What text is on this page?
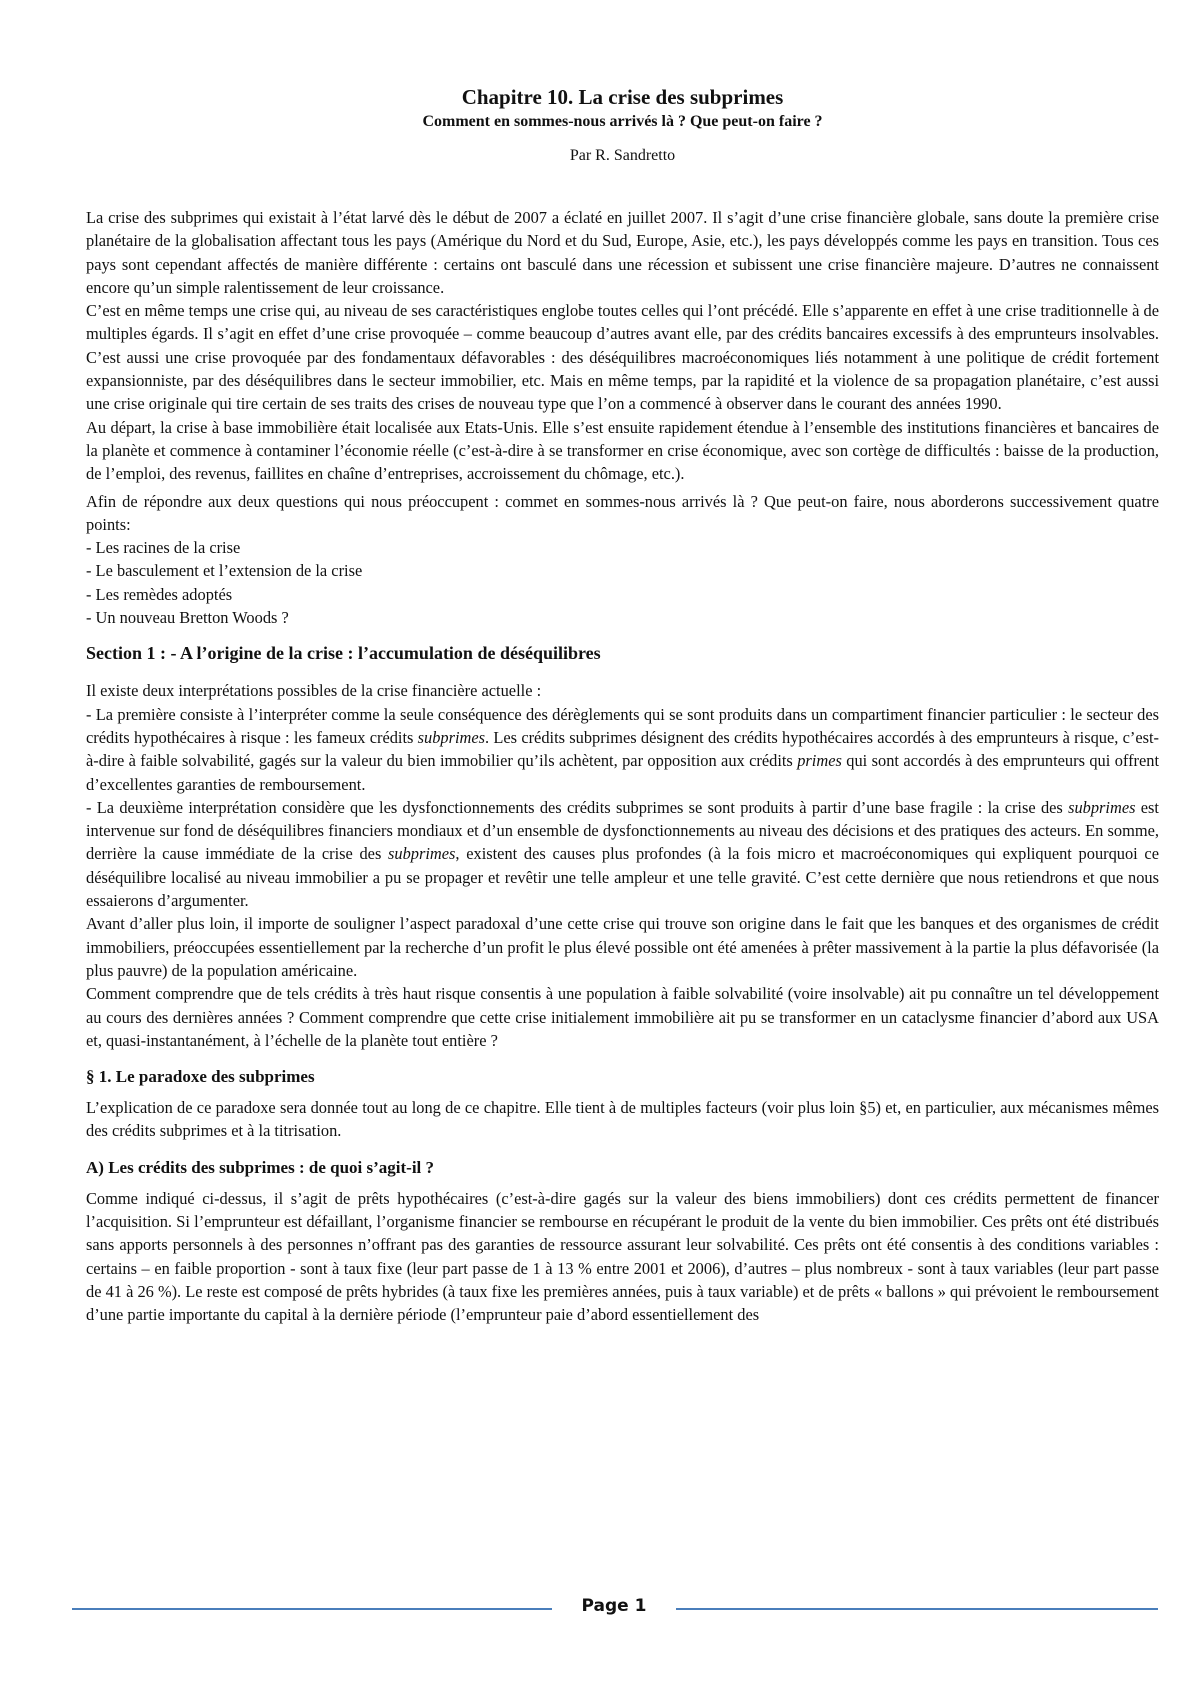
Chapitre 10. La crise des subprimes

Comment en sommes-nous arrivés là ? Que peut-on faire ?

Par R. Sandretto

La crise des subprimes qui existait à l’état larvé dès le début de 2007 a éclaté en juillet 2007. Il s’agit d’une crise financière globale, sans doute la première crise planétaire de la globalisation affectant tous les pays (Amérique du Nord et du Sud, Europe, Asie, etc.), les pays développés comme les pays en transition. Tous ces pays sont cependant affectés de manière différente : certains ont basculé dans une récession et subissent une crise financière majeure. D’autres ne connaissent encore qu’un simple ralentissement de leur croissance.

C’est en même temps une crise qui, au niveau de ses caractéristiques englobe toutes celles qui l’ont précédé. Elle s’apparente en effet à une crise traditionnelle à de multiples égards. Il s’agit en effet d’une crise provoquée – comme beaucoup d’autres avant elle, par des crédits bancaires excessifs à des emprunteurs insolvables. C’est aussi une crise provoquée par des fondamentaux défavorables : des déséquilibres macroéconomiques liés notamment à une politique de crédit fortement expansionniste, par des déséquilibres dans le secteur immobilier, etc. Mais en même temps, par la rapidité et la violence de sa propagation planétaire, c’est aussi une crise originale qui tire certain de ses traits des crises de nouveau type que l’on a commencé à observer dans le courant des années 1990.

Au départ, la crise à base immobilière était localisée aux Etats-Unis. Elle s’est ensuite rapidement étendue à l’ensemble des institutions financières et bancaires de la planète et commence à contaminer l’économie réelle (c’est-à-dire à se transformer en crise économique, avec son cortège de difficultés : baisse de la production, de l’emploi, des revenus, faillites en chaîne d’entreprises, accroissement du chômage, etc.).

Afin de répondre aux deux questions qui nous préoccupent : commet en sommes-nous arrivés là ? Que peut-on faire, nous aborderons successivement quatre points:

- Les racines de la crise
- Le basculement et l’extension de la crise
- Les remèdes adoptés
- Un nouveau Bretton Woods ?
Section 1 : - A l’origine de la crise : l’accumulation de déséquilibres

Il existe deux interprétations possibles de la crise financière actuelle :

- La première consiste à l’interpréter comme la seule conséquence des dérèglements qui se sont produits dans un compartiment financier particulier : le secteur des crédits hypothécaires à risque : les fameux crédits subprimes. Les crédits subprimes désignent des crédits hypothécaires accordés à des emprunteurs à risque, c’est-à-dire à faible solvabilité, gagés sur la valeur du bien immobilier qu’ils achètent, par opposition aux crédits primes qui sont accordés à des emprunteurs qui offrent d’excellentes garanties de remboursement.

- La deuxième interprétation considère que les dysfonctionnements des crédits subprimes se sont produits à partir d’une base fragile : la crise des subprimes est intervenue sur fond de déséquilibres financiers mondiaux et d’un ensemble de dysfonctionnements au niveau des décisions et des pratiques des acteurs. En somme, derrière la cause immédiate de la crise des subprimes, existent des causes plus profondes (à la fois micro et macroéconomiques qui expliquent pourquoi ce déséquilibre localisé au niveau immobilier a pu se propager et revêtir une telle ampleur et une telle gravité. C’est cette dernière que nous retiendrons et que nous essaierons d’argumenter.

Avant d’aller plus loin, il importe de souligner l’aspect paradoxal d’une cette crise qui trouve son origine dans le fait que les banques et des organismes de crédit immobiliers, préoccupées essentiellement par la recherche d’un profit le plus élevé possible ont été amenées à prêter massivement à la partie la plus défavorisée (la plus pauvre) de la population américaine.

Comment comprendre que de tels crédits à très haut risque consentis à une population à faible solvabilité (voire insolvable) ait pu connaître un tel développement au cours des dernières années ? Comment comprendre que cette crise initialement immobilière ait pu se transformer en un cataclysme financier d’abord aux USA et, quasi-instantanément, à l’échelle de la planète tout entière ?

§ 1. Le paradoxe des subprimes

L’explication de ce paradoxe sera donnée tout au long de ce chapitre. Elle tient à de multiples facteurs (voir plus loin §5) et, en particulier, aux mécanismes mêmes des crédits subprimes et à la titrisation.

A) Les crédits des subprimes : de quoi s’agit-il ?

Comme indiqué ci-dessus, il s’agit de prêts hypothécaires (c’est-à-dire gagés sur la valeur des biens immobiliers) dont ces crédits permettent de financer l’acquisition. Si l’emprunteur est défaillant, l’organisme financier se rembourse en récupérant le produit de la vente du bien immobilier. Ces prêts ont été distribués sans apports personnels à des personnes n’offrant pas des garanties de ressource assurant leur solvabilité. Ces prêts ont été consentis à des conditions variables : certains – en faible proportion - sont à taux fixe (leur part passe de 1 à 13 % entre 2001 et 2006), d’autres – plus nombreux - sont à taux variables (leur part passe de 41 à 26 %). Le reste est composé de prêts hybrides (à taux fixe les premières années, puis à taux variable) et de prêts « ballons » qui prévoient le remboursement d’une partie importante du capital à la dernière période (l’emprunteur paie d’abord essentiellement des

Page 1
